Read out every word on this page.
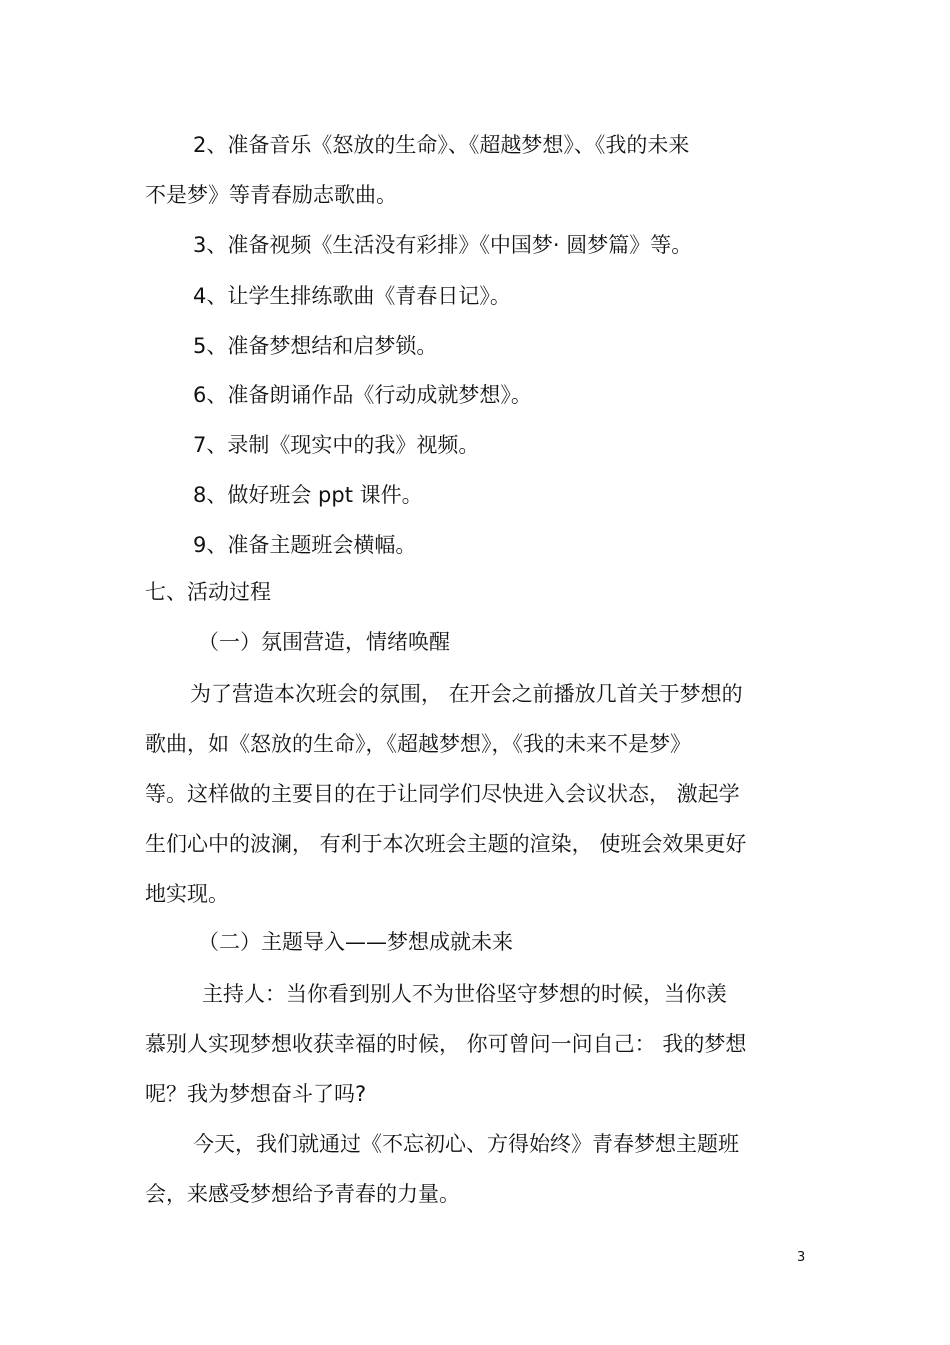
2、准备音乐《怒放的生命》、《超越梦想》、《我的未来
不是梦》等青春励志歌曲。
3、准备视频《生活没有彩排》《中国梦· 圆梦篇》等。
4、让学生排练歌曲《青春日记》。
5、准备梦想结和启梦锁。
6、准备朗诵作品《行动成就梦想》。
7、录制《现实中的我》视频。
8、做好班会 ppt 课件。
9、准备主题班会横幅。
七、活动过程
（一）氛围营造，情绪唤醒
为了营造本次班会的氛围， 在开会之前播放几首关于梦想的
歌曲，如《怒放的生命》，《超越梦想》，《我的未来不是梦》
等。这样做的主要目的在于让同学们尽快进入会议状态， 激起学
生们心中的波澜， 有利于本次班会主题的渲染， 使班会效果更好
地实现。
（二）主题导入——梦想成就未来
主持人：当你看到别人不为世俗坚守梦想的时候，当你羡
慕别人实现梦想收获幸福的时候， 你可曾问一问自己： 我的梦想
呢？我为梦想奋斗了吗?
今天，我们就通过《不忘初心、方得始终》青春梦想主题班
会，来感受梦想给予青春的力量。
3
